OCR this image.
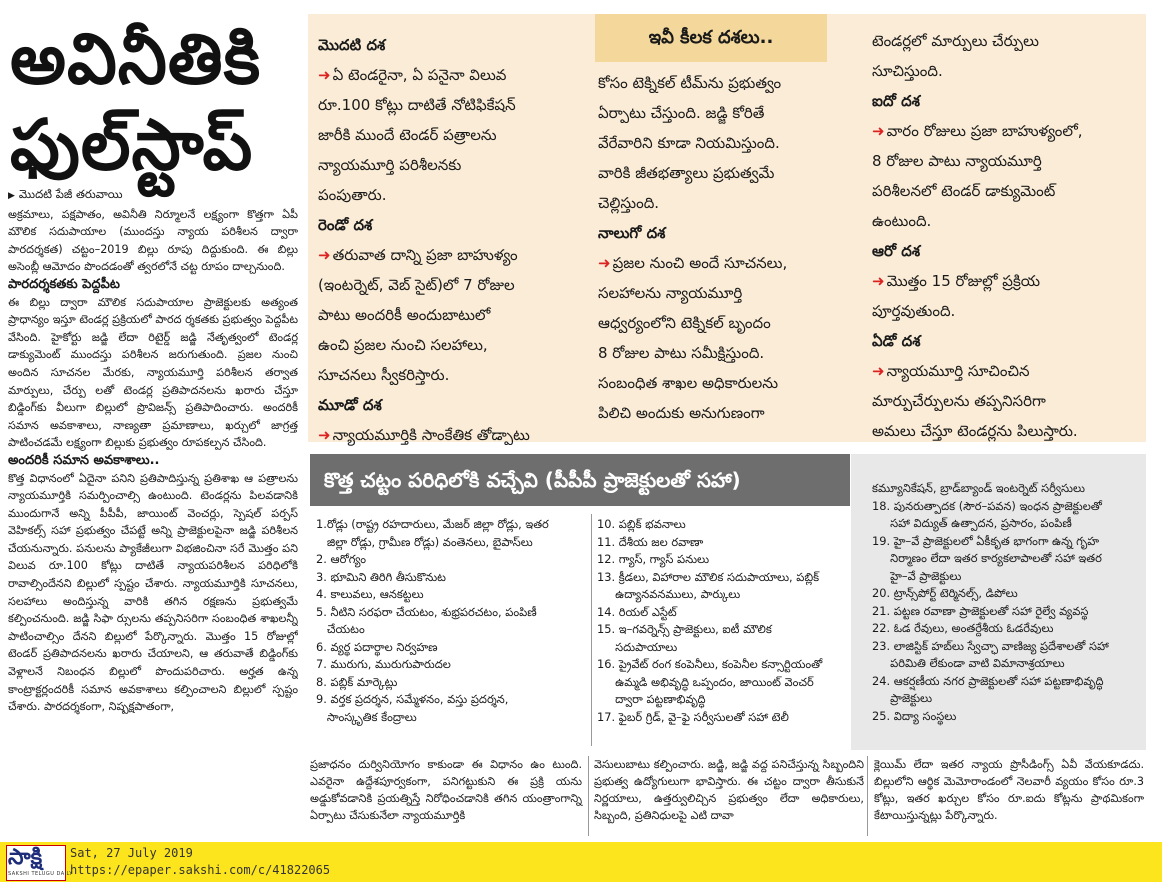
అవినీతికి
ఫుల్‌స్టాప్‌

▶ మొదటి పేజీ తరువాయి

అక్రమాలు, పక్షపాతం, అవినీతి నిర్మూలనే లక్ష్యంగా కొత్తగా ఏపీ మౌలిక సదుపాయాల (ముందస్తు న్యాయ పరిశీలన ద్వారా పారదర్శకత) చట్టం–2019 బిల్లు రూపు దిద్దుకుంది. ఈ బిల్లు అసెంబ్లీ ఆమోదం పొందడంతో త్వరలోనే చట్ట రూపం దాల్చనుంది.

పారదర్శకతకు పెద్దపీట

ఈ బిల్లు ద్వారా మౌలిక సదుపాయాల ప్రాజెక్టులకు అత్యంత ప్రాధాన్యం ఇస్తూ టెండర్ల ప్రక్రియలో పారద ర్శకతకు ప్రభుత్వం పెద్దపీట వేసింది. హైకోర్టు జడ్జి లేదా రిటైర్డ్ జడ్జి నేతృత్వంలో టెండర్ల డాక్యుమెంట్ ముందస్తు పరిశీలన జరుగుతుంది. ప్రజల నుంచి అందిన సూచనల మేరకు, న్యాయమూర్తి పరిశీలన తర్వాత మార్పులు, చేర్పు లతో టెండర్ల ప్రతిపాదనలను ఖరారు చేస్తూ బిడ్డింగ్‌కు వీలుగా బిల్లులో ప్రొవిజన్స్ ప్రతిపాదించారు. అందరికీ సమాన అవకాశాలు, నాణ్యతా ప్రమాణాలు, ఖర్చులో జాగ్రత్త పాటించడమే లక్ష్యంగా బిల్లుకు ప్రభుత్వం రూపకల్పన చేసింది.

అందరికీ సమాన అవకాశాలు..

కొత్త విధానంలో ఏదైనా పనిని ప్రతిపాదిస్తున్న ప్రతిశాఖ ఆ పత్రాలను న్యాయమూర్తికి సమర్పించాల్సి ఉంటుంది. టెండర్లను పిలవడానికి ముందుగానే అన్ని పీపీపీ, జాయింట్ వెంచర్లు, స్పెషల్ పర్పస్ వెహికల్స్ సహా ప్రభుత్వం చేపట్టే అన్ని ప్రాజెక్టులపైనా జడ్జి పరిశీలన చేయనున్నారు. పనులను ప్యాకేజీలుగా విభజించినా సరే మొత్తం పని విలువ రూ.100 కోట్లు దాటితే న్యాయపరిశీలన పరిధిలోకి రావాల్సిందేనని బిల్లులో స్పష్టం చేశారు. న్యాయమూర్తికి సూచనలు, సలహాలు అందిస్తున్న వారికి తగిన రక్షణను ప్రభుత్వమే కల్పించనుంది. జడ్జి సిఫా ర్సులను తప్పనిసరిగా సంబంధిత శాఖలన్నీ పాటించాల్సిం దేనని బిల్లులో పేర్కొన్నారు. మొత్తం 15 రోజుల్లో టెండర్ ప్రతిపాదనలను ఖరారు చేయాలని, ఆ తరువాతే బిడ్డింగ్‌కు వెళ్లాలనే నిబంధన బిల్లులో పొందుపరిచారు. అర్హత ఉన్న కాంట్రాక్టర్లందరికీ సమాన అవకాశాలు కల్పించాలని బిల్లులో స్పష్టం చేశారు. పారదర్శకంగా, నిష్పక్షపాతంగా,

ఇవీ కీలక దశలు..

మొదటి దశ

➜ ఏ టెండరైనా, ఏ పనైనా విలువ

రూ.100 కోట్లు దాటితే నోటిఫికేషన్

జారీకి ముందే టెండర్ పత్రాలను

న్యాయమూర్తి పరిశీలనకు

పంపుతారు.

రెండో దశ

➜ తరువాత దాన్ని ప్రజా బాహుళ్యం

(ఇంటర్నెట్, వెబ్ సైట్)లో 7 రోజుల

పాటు అందరికీ అందుబాటులో

ఉంచి ప్రజల నుంచి సలహాలు,

సూచనలు స్వీకరిస్తారు.

మూడో దశ

➜ న్యాయమూర్తికి సాంకేతిక తోడ్పాటు

కోసం టెక్నికల్ టీమ్‌ను ప్రభుత్వం

ఏర్పాటు చేస్తుంది. జడ్జి కోరితే

వేరేవారిని కూడా నియమిస్తుంది.

వారికి జీతభత్యాలు ప్రభుత్వమే

చెల్లిస్తుంది.

నాలుగో దశ

➜ ప్రజల నుంచి అందే సూచనలు,

సలహాలను న్యాయమూర్తి

ఆధ్వర్యంలోని టెక్నికల్ బృందం

8 రోజుల పాటు సమీక్షిస్తుంది.

సంబంధిత శాఖల అధికారులను

పిలిచి అందుకు అనుగుణంగా

టెండర్లలో మార్పులు చేర్పులు

సూచిస్తుంది.

ఐదో దశ

➜ వారం రోజులు ప్రజా బాహుళ్యంలో,

8 రోజుల పాటు న్యాయమూర్తి

పరిశీలనలో టెండర్ డాక్యుమెంట్

ఉంటుంది.

ఆరో దశ

➜ మొత్తం 15 రోజుల్లో ప్రక్రియ

పూర్తవుతుంది.

ఏడో దశ

➜ న్యాయమూర్తి సూచించిన

మార్పుచేర్పులను తప్పనిసరిగా

అమలు చేస్తూ టెండర్లను పిలుస్తారు.

కొత్త చట్టం పరిధిలోకి వచ్చేవి (పీపీపీ ప్రాజెక్టులతో సహా)
1.రోడ్లు (రాష్ట్ర రహదారులు, మేజర్ జిల్లా రోడ్లు, ఇతర
జిల్లా రోడ్లు, గ్రామీణ రోడ్లు) వంతెనలు, బైపాస్‌లు
2. ఆరోగ్యం
3. భూమిని తిరిగి తీసుకొనుట
4. కాలువలు, ఆనకట్టలు
5. నీటిని సరఫరా చేయటం, శుభ్రపరచటం, పంపిణీ
చేయటం
6. వ్యర్థ పదార్థాల నిర్వహణ
7. మురుగు, మురుగుపారుదల
8. పబ్లిక్ మార్కెట్లు
9. వర్తక ప్రదర్శన, సమ్మేళనం, వస్తు ప్రదర్శన,
సాంస్కృతిక కేంద్రాలు
10. పబ్లిక్ భవనాలు
11. దేశీయ జల రవాణా
12. గ్యాస్, గ్యాస్ పనులు
13. క్రీడలు, విహారాల మౌలిక సదుపాయాలు, పబ్లిక్
ఉద్యానవనములు, పార్కులు
14. రియల్ ఎస్టేట్
15. ఇ–గవర్నెన్స్ ప్రాజెక్టులు, ఐటీ మౌలిక
సదుపాయాలు
16. ప్రైవేట్ రంగ కంపెనీలు, కంపెనీల కన్సార్టియంతో
ఉమ్మడి అభివృద్ధి ఒప్పందం, జాయింట్ వెంచర్
ద్వారా పట్టణాభివృద్ధి
17. ఫైబర్ గ్రిడ్, వై–ఫై సర్వీసులతో సహా టెలీ
కమ్యూనికేషన్, బ్రాడ్‌బ్యాండ్ ఇంటర్నెట్ సర్వీసులు
18. పునరుత్పాదక (సౌర–పవన) ఇంధన ప్రాజెక్టులతో
సహా విద్యుత్ ఉత్పాదన, ప్రసారం, పంపిణీ
19. హై–వే ప్రాజెక్టులలో ఏకీకృత భాగంగా ఉన్న గృహ
నిర్మాణం లేదా ఇతర కార్యకలాపాలతో సహా ఇతర
హై–వే ప్రాజెక్టులు
20. ట్రాన్స్‌పోర్ట్ టెర్మినల్స్, డిపోలు
21. పట్టణ రవాణా ప్రాజెక్టులతో సహా రైల్వే వ్యవస్థ
22. ఓడ రేవులు, అంతర్దేశీయ ఓడరేవులు
23. లాజిస్టిక్ హబ్‌లు స్వేచ్ఛా వాణిజ్య ప్రదేశాలతో సహా
పరిమితి లేకుండా వాటి విమానాశ్రయాలు
24. ఆకర్షణీయ నగర ప్రాజెక్టులతో సహా పట్టణాభివృద్ధి
ప్రాజెక్టులు
25. విద్యా సంస్థలు
ప్రజాధనం దుర్వినియోగం కాకుండా ఈ విధానం ఉం టుంది. ఎవరైనా ఉద్దేశపూర్వకంగా, పనిగట్టుకుని ఈ ప్రక్రి యను అడ్డుకోవడానికి ప్రయత్నిస్తే నిరోధించడానికి తగిన యంత్రాంగాన్ని ఏర్పాటు చేసుకునేలా న్యాయమూర్తికి
వెసులుబాటు కల్పించారు. జడ్జి, జడ్జి వద్ద పనిచేస్తున్న సిబ్బందిని ప్రభుత్వ ఉద్యోగులుగా భావిస్తారు. ఈ చట్టం ద్వారా తీసుకునే నిర్ణయాలు, ఉత్తర్వులిచ్చిన ప్రభుత్వం లేదా అధికారులు, సిబ్బంది, ప్రతినిధులపై ఎటి దావా
క్లెయిమ్ లేదా ఇతర న్యాయ ప్రొసీడింగ్స్ ఏవీ వేయకూడదు. బిల్లులోని ఆర్థిక మెమోరాండంలో నెలవారీ వ్యయం కోసం రూ.3 కోట్లు, ఇతర ఖర్చుల కోసం రూ.ఐదు కోట్లను ప్రాథమికంగా కేటాయిస్తున్నట్లు పేర్కొన్నారు.
సాక్షి
SAKSHI TELUGU DAILY
Sat, 27 July 2019
https://epaper.sakshi.com/c/41822065
